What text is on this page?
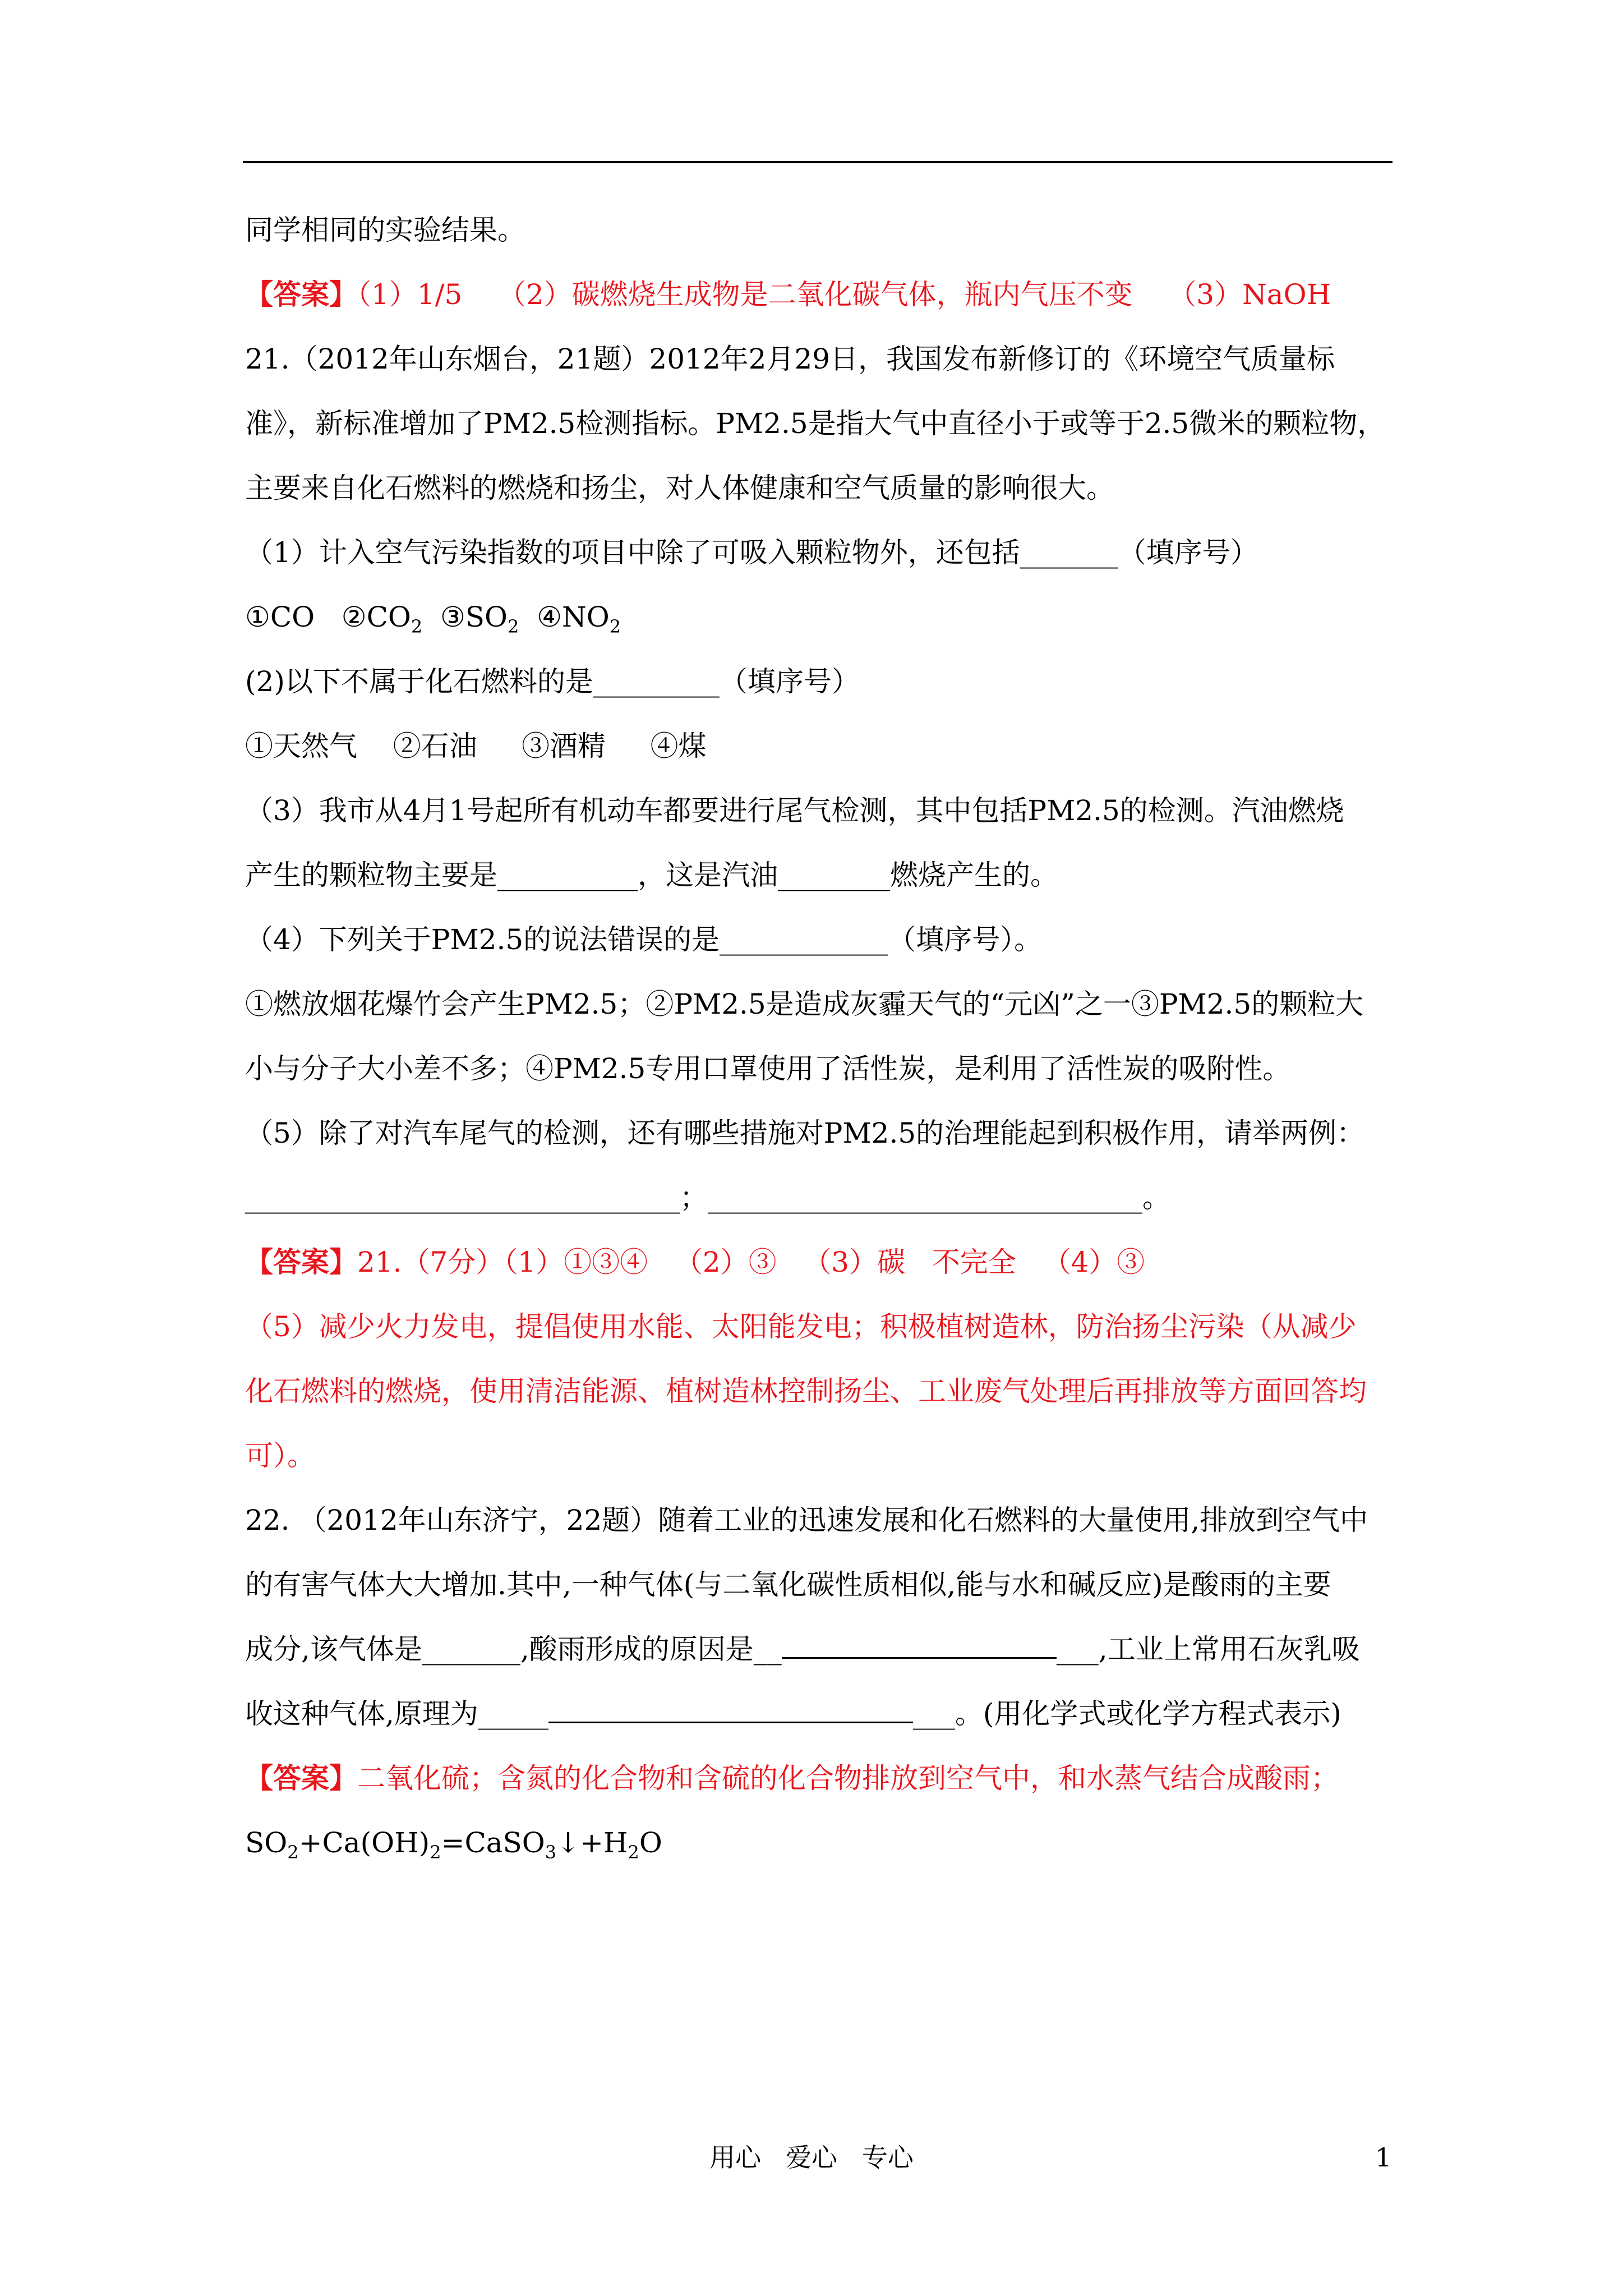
同学相同的实验结果。
【答案】（1）1/5    （2）碳燃烧生成物是二氧化碳气体，瓶内气压不变    （3）NaOH
21.（2012年山东烟台，21题）2012年2月29日，我国发布新修订的《环境空气质量标
准》，新标准增加了PM2.5检测指标。PM2.5是指大气中直径小于或等于2.5微米的颗粒物，
主要来自化石燃料的燃烧和扬尘，对人体健康和空气质量的影响很大。
（1）计入空气污染指数的项目中除了可吸入颗粒物外，还包括_______（填序号）
①CO   $②CO_2$  $③SO_2$  $④NO_2$
(2)以下不属于化石燃料的是_________（填序号）
①天然气    ②石油     ③酒精     ④煤
（3）我市从4月1号起所有机动车都要进行尾气检测，其中包括PM2.5的检测。汽油燃烧
产生的颗粒物主要是__________，这是汽油________燃烧产生的。
（4）下列关于PM2.5的说法错误的是____________（填序号）。
①燃放烟花爆竹会产生PM2.5；②PM2.5是造成灰霾天气的“元凶”之一③PM2.5的颗粒大
小与分子大小差不多；④PM2.5专用口罩使用了活性炭，是利用了活性炭的吸附性。
（5）除了对汽车尾气的检测，还有哪些措施对PM2.5的治理能起到积极作用，请举两例：
_______________________________；_______________________________。
【答案】21.（7分）（1）①③④   （2）③   （3）碳   不完全   （4）③
（5）减少火力发电，提倡使用水能、太阳能发电；积极植树造林，防治扬尘污染（从减少
化石燃料的燃烧，使用清洁能源、植树造林控制扬尘、工业废气处理后再排放等方面回答均
可）。
22. （2012年山东济宁，22题）随着工业的迅速发展和化石燃料的大量使用,排放到空气中
的有害气体大大增加.其中,一种气体(与二氧化碳性质相似,能与水和碱反应)是酸雨的主要
成分,该气体是_______,酸雨形成的原因是__	___,工业上常用石灰乳吸
收这种气体,原理为_____	___。(用化学式或化学方程式表示)
【答案】二氧化硫；含氮的化合物和含硫的化合物排放到空气中，和水蒸气结合成酸雨；
$SO_2+Ca(OH)_2=CaSO_3↓+H_2O$
用心   爱心   专心	1
